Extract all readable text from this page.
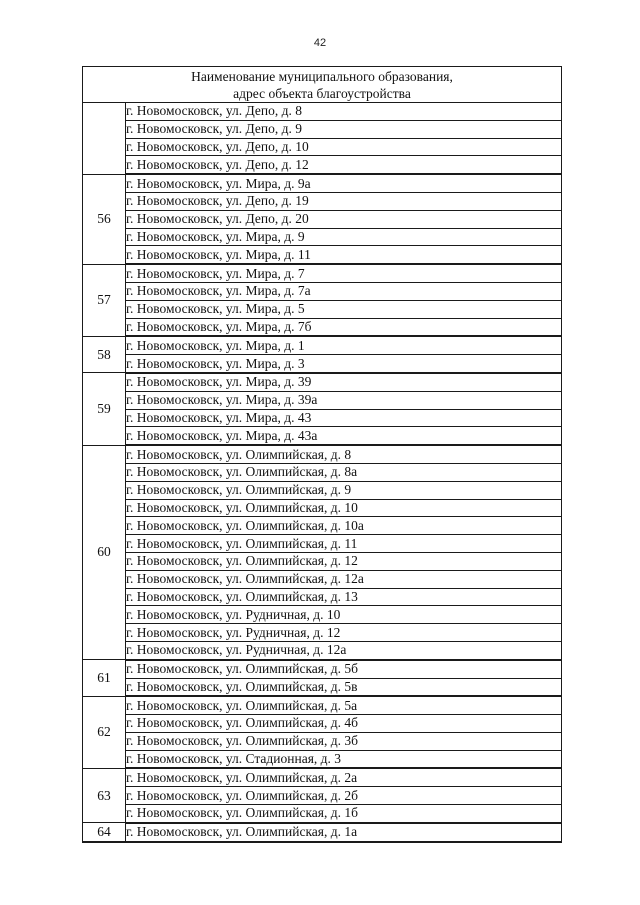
42
Наименование муниципального образования,
адрес объекта благоустройства	

	г. Новомосковск, ул. Депо, д. 8
	г. Новомосковск, ул. Депо, д. 9
	г. Новомосковск, ул. Депо, д. 10
	г. Новомосковск, ул. Депо, д. 12
56	г. Новомосковск, ул. Мира, д. 9а
	г. Новомосковск, ул. Депо, д. 19
	г. Новомосковск, ул. Депо, д. 20
	г. Новомосковск, ул. Мира, д. 9
	г. Новомосковск, ул. Мира, д. 11
57	г. Новомосковск, ул. Мира, д. 7
	г. Новомосковск, ул. Мира, д. 7а
	г. Новомосковск, ул. Мира, д. 5
	г. Новомосковск, ул. Мира, д. 7б
58	г. Новомосковск, ул. Мира, д. 1
	г. Новомосковск, ул. Мира, д. 3
59	г. Новомосковск, ул. Мира, д. 39
	г. Новомосковск, ул. Мира, д. 39а
	г. Новомосковск, ул. Мира, д. 43
	г. Новомосковск, ул. Мира, д. 43а
60	г. Новомосковск, ул. Олимпийская, д. 8
	г. Новомосковск, ул. Олимпийская, д. 8а
	г. Новомосковск, ул. Олимпийская, д. 9
	г. Новомосковск, ул. Олимпийская, д. 10
	г. Новомосковск, ул. Олимпийская, д. 10а
	г. Новомосковск, ул. Олимпийская, д. 11
	г. Новомосковск, ул. Олимпийская, д. 12
	г. Новомосковск, ул. Олимпийская, д. 12а
	г. Новомосковск, ул. Олимпийская, д. 13
	г. Новомосковск, ул. Рудничная, д. 10
	г. Новомосковск, ул. Рудничная, д. 12
	г. Новомосковск, ул. Рудничная, д. 12а
61	г. Новомосковск, ул. Олимпийская, д. 5б
	г. Новомосковск, ул. Олимпийская, д. 5в
62	г. Новомосковск, ул. Олимпийская, д. 5а
	г. Новомосковск, ул. Олимпийская, д. 4б
	г. Новомосковск, ул. Олимпийская, д. 3б
	г. Новомосковск, ул. Стадионная, д. 3
63	г. Новомосковск, ул. Олимпийская, д. 2а
	г. Новомосковск, ул. Олимпийская, д. 2б
	г. Новомосковск, ул. Олимпийская, д. 1б
64	г. Новомосковск, ул. Олимпийская, д. 1а
